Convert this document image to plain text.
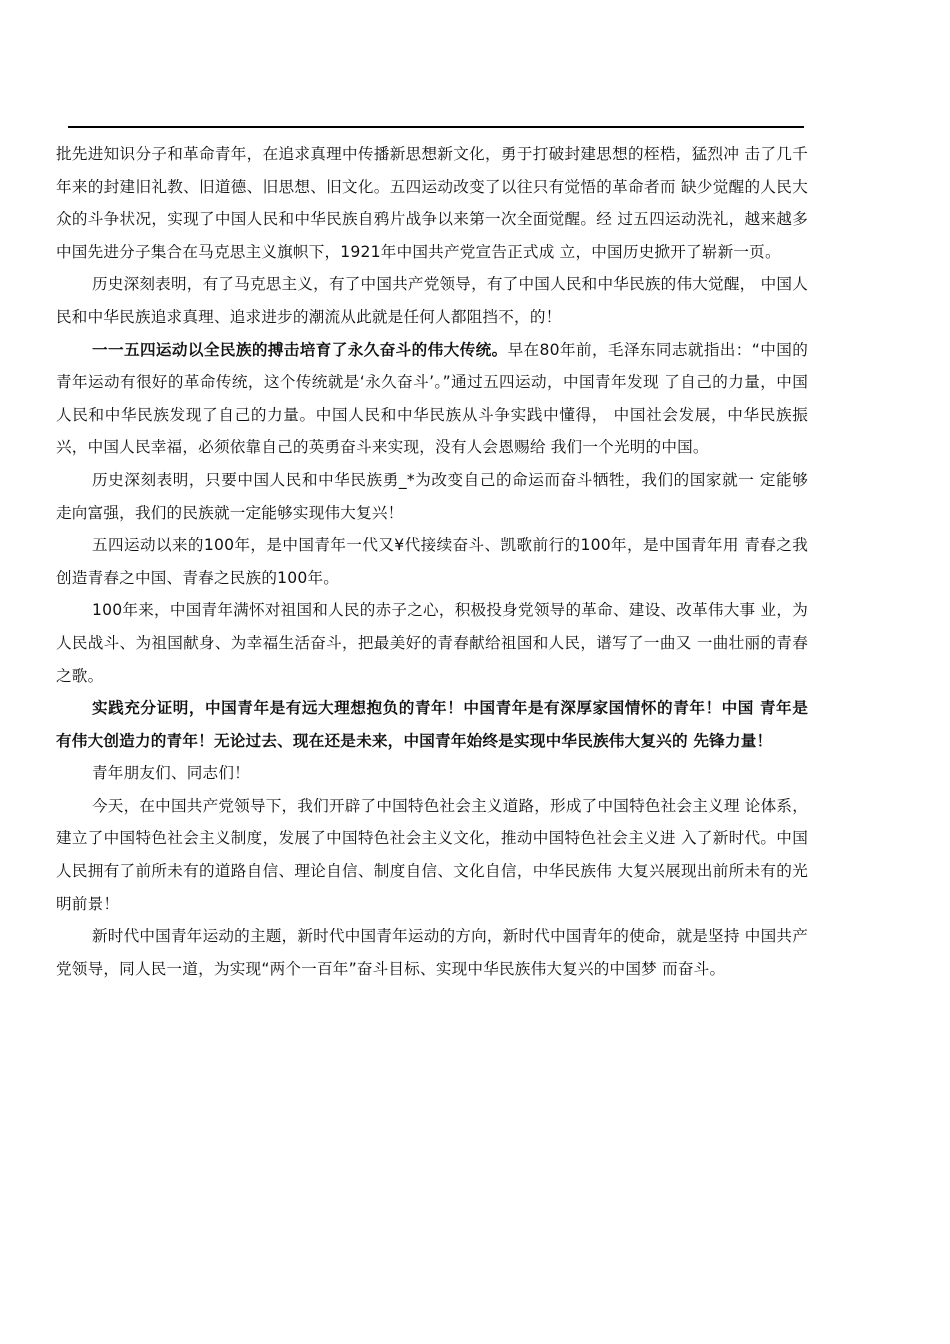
批先进知识分子和革命青年，在追求真理中传播新思想新文化，勇于打破封建思想的桎梏，猛烈冲 击了几千年来的封建旧礼教、旧道德、旧思想、旧文化。五四运动改变了以往只有觉悟的革命者而 缺少觉醒的人民大众的斗争状况，实现了中国人民和中华民族自鸦片战争以来第一次全面觉醒。经 过五四运动洗礼，越来越多中国先进分子集合在马克思主义旗帜下，1921年中国共产党宣告正式成 立，中国历史掀开了崭新一页。

历史深刻表明，有了马克思主义，有了中国共产党领导，有了中国人民和中华民族的伟大觉醒， 中国人民和中华民族追求真理、追求进步的潮流从此就是任何人都阻挡不，的！

一一五四运动以全民族的搏击培育了永久奋斗的伟大传统。早在80年前，毛泽东同志就指出：“中国的青年运动有很好的革命传统，这个传统就是‘永久奋斗’。”通过五四运动，中国青年发现 了自己的力量，中国人民和中华民族发现了自己的力量。中国人民和中华民族从斗争实践中懂得， 中国社会发展，中华民族振兴，中国人民幸福，必须依靠自己的英勇奋斗来实现，没有人会恩赐给 我们一个光明的中国。

历史深刻表明，只要中国人民和中华民族勇_*为改变自己的命运而奋斗牺牲，我们的国家就一 定能够走向富强，我们的民族就一定能够实现伟大复兴！

五四运动以来的100年，是中国青年一代又¥代接续奋斗、凯歌前行的100年，是中国青年用 青春之我创造青春之中国、青春之民族的100年。

100年来，中国青年满怀对祖国和人民的赤子之心，积极投身党领导的革命、建设、改革伟大事 业，为人民战斗、为祖国献身、为幸福生活奋斗，把最美好的青春献给祖国和人民，谱写了一曲又 一曲壮丽的青春之歌。

实践充分证明，中国青年是有远大理想抱负的青年！中国青年是有深厚家国情怀的青年！中国 青年是有伟大创造力的青年！无论过去、现在还是未来，中国青年始终是实现中华民族伟大复兴的 先锋力量！

青年朋友们、同志们！

今天，在中国共产党领导下，我们开辟了中国特色社会主义道路，形成了中国特色社会主义理 论体系，建立了中国特色社会主义制度，发展了中国特色社会主义文化，推动中国特色社会主义进 入了新时代。中国人民拥有了前所未有的道路自信、理论自信、制度自信、文化自信，中华民族伟 大复兴展现出前所未有的光明前景！

新时代中国青年运动的主题，新时代中国青年运动的方向，新时代中国青年的使命，就是坚持 中国共产党领导，同人民一道，为实现“两个一百年”奋斗目标、实现中华民族伟大复兴的中国梦 而奋斗。
